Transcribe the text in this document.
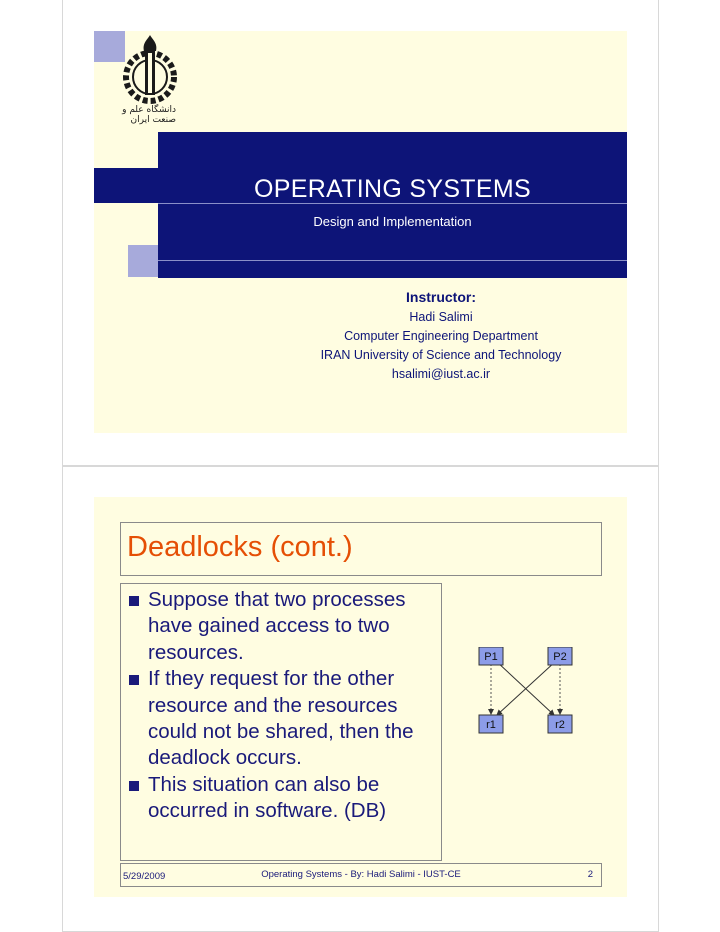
دانشگاه علم و صنعت ایران
OPERATING SYSTEMS
Design and Implementation
Instructor:
Hadi Salimi
Computer Engineering Department
IRAN University of Science and Technology
hsalimi@iust.ac.ir
Deadlocks (cont.)
Suppose that two processes have gained access to two resources.
If they request for the other resource and the resources could not be shared, then the deadlock occurs.
This situation can also be occurred in software. (DB)
P1	P2
r1	r2
5/29/2009	Operating Systems - By: Hadi Salimi - IUST-CE	2
